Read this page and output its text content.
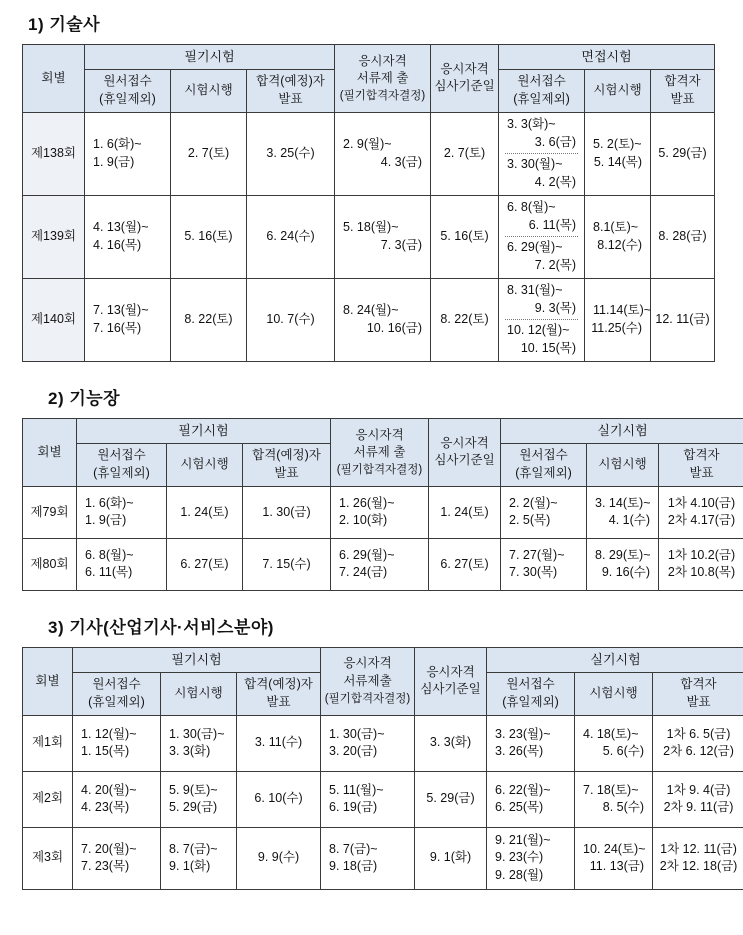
1) 기술사
회별	필기시험			응시자격
서류제 출
(필기합격자결정)	응시자격
심사기준일	면접시험		

	원서접수
(휴일제외)	시험시행	합격(예정)자
발표			원서접수
(휴일제외)	시험시행	합격자
발표

제138회	1. 6(화)~
1. 9(금)	2. 7(토)	3. 25(수)	2. 9(월)~
4. 3(금)	2. 7(토)	3. 3(화)~
3. 6(금)
3. 30(월)~
4. 2(목)	5. 2(토)~
5. 14(목)	5. 29(금)
제139회	4. 13(월)~
4. 16(목)	5. 16(토)	6. 24(수)	5. 18(월)~
7. 3(금)	5. 16(토)	6. 8(월)~
6. 11(목)
6. 29(월)~
7. 2(목)	8.1(토)~
8.12(수)	8. 28(금)
제140회	7. 13(월)~
7. 16(목)	8. 22(토)	10. 7(수)	8. 24(월)~
10. 16(금)	8. 22(토)	8. 31(월)~
9. 3(목)
10. 12(월)~
10. 15(목)	11.14(토)~
11.25(수)	12. 11(금)
2) 기능장
회별	필기시험			응시자격
서류제 출
(필기합격자결정)	응시자격
심사기준일	실기시험		

	원서접수
(휴일제외)	시험시행	합격(예정)자
발표			원서접수
(휴일제외)	시험시행	합격자
발표

제79회	1. 6(화)~
1. 9(금)	1. 24(토)	1. 30(금)	1. 26(월)~
2. 10(화)	1. 24(토)	2. 2(월)~
2. 5(목)	3. 14(토)~
4. 1(수)	1차 4.10(금)
2차 4.17(금)

제80회	6. 8(월)~
6. 11(목)	6. 27(토)	7. 15(수)	6. 29(월)~
7. 24(금)	6. 27(토)	7. 27(월)~
7. 30(목)	8. 29(토)~
9. 16(수)	1차 10.2(금)
2차 10.8(목)
3) 기사(산업기사·서비스분야)
회별	필기시험			응시자격
서류제출
(필기합격자결정)	응시자격
심사기준일	실기시험		

	원서접수
(휴일제외)	시험시행	합격(예정)자
발표			원서접수
(휴일제외)	시험시행	합격자
발표

제1회	1. 12(월)~
1. 15(목)	1. 30(금)~
3. 3(화)	3. 11(수)	1. 30(금)~
3. 20(금)	3. 3(화)	3. 23(월)~
3. 26(목)	4. 18(토)~
5. 6(수)	1차 6. 5(금)
2차 6. 12(금)

제2회	4. 20(월)~
4. 23(목)	5. 9(토)~
5. 29(금)	6. 10(수)	5. 11(월)~
6. 19(금)	5. 29(금)	6. 22(월)~
6. 25(목)	7. 18(토)~
8. 5(수)	1차 9. 4(금)
2차 9. 11(금)

제3회	7. 20(월)~
7. 23(목)	8. 7(금)~
9. 1(화)	9. 9(수)	8. 7(금)~
9. 18(금)	9. 1(화)	9. 21(월)~
9. 23(수)
9. 28(월)	10. 24(토)~
11. 13(금)	1차 12. 11(금)
2차 12. 18(금)
